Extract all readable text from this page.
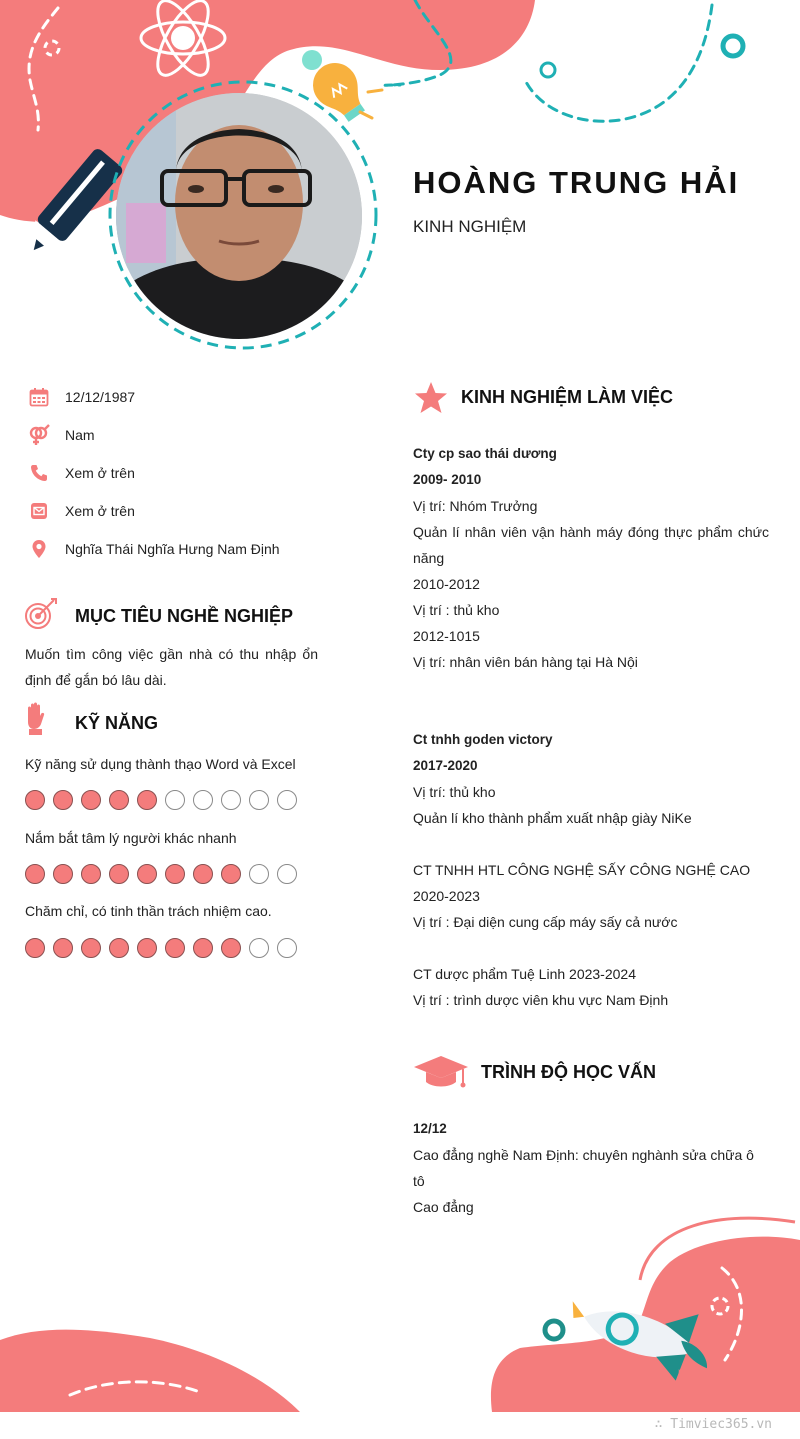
HOÀNG TRUNG HẢI
KINH NGHIỆM
12/12/1987
Nam
Xem ở trên
Xem ở trên
Nghĩa Thái Nghĩa Hưng Nam Định
MỤC TIÊU NGHỀ NGHIỆP
Muốn tìm công việc gần nhà có thu nhập ổn định để gắn bó lâu dài.
KỸ NĂNG
Kỹ năng sử dụng thành thạo Word và Excel
Nắm bắt tâm lý người khác nhanh
Chăm chỉ, có tinh thần trách nhiệm cao.
KINH NGHIỆM LÀM VIỆC
Cty cp sao thái dương
2009- 2010
Vị trí: Nhóm Trưởng
Quản lí nhân viên vận hành máy đóng thực phẩm chức năng
2010-2012
Vị trí : thủ kho
2012-1015
Vị trí: nhân viên bán hàng tại Hà Nội
Ct tnhh goden victory
2017-2020
Vị trí: thủ kho
Quản lí kho thành phẩm xuất nhập giày NiKe
CT TNHH HTL CÔNG NGHỆ SẤY CÔNG NGHỆ CAO 2020-2023
Vị trí : Đại diện cung cấp máy sấy cả nước
CT dược phẩm Tuệ Linh 2023-2024
Vị trí : trình dược viên khu vực Nam Định
TRÌNH ĐỘ HỌC VẤN
12/12
Cao đẳng nghề Nam Định: chuyên nghành sửa chữa ô tô
Cao đẳng
∴ Timviec365.vn
